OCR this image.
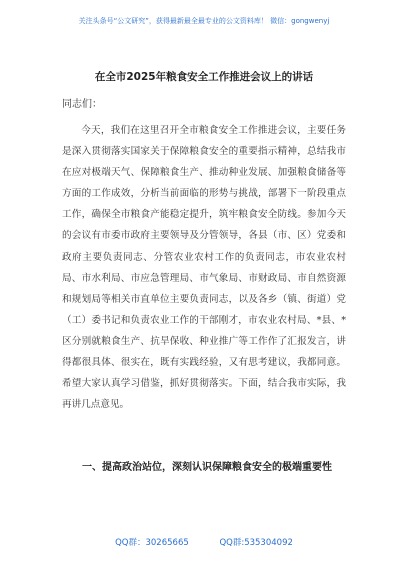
关注头条号“公文研究”，获得最新最全最专业的公文资料库！ 微信：gongwenyj
在全市2025年粮食安全工作推进会议上的讲话
同志们：

今天，我们在这里召开全市粮食安全工作推进会议，主要任务是深入贯彻落实国家关于保障粮食安全的重要指示精神，总结我市在应对极端天气、保障粮食生产、推动种业发展、加强粮食储备等方面的工作成效，分析当前面临的形势与挑战，部署下一阶段重点工作，确保全市粮食产能稳定提升，筑牢粮食安全防线。参加今天的会议有市委市政府主要领导及分管领导，各县（市、区）党委和政府主要负责同志、分管农业农村工作的负责同志，市农业农村局、市水利局、市应急管理局、市气象局、市财政局、市自然资源和规划局等相关市直单位主要负责同志，以及各乡（镇、街道）党（工）委书记和负责农业工作的干部刚才，市农业农村局、*县、*区分别就粮食生产、抗旱保收、种业推广等工作作了汇报发言，讲得都很具体、很实在，既有实践经验，又有思考建议，我都同意。希望大家认真学习借鉴，抓好贯彻落实。下面，结合我市实际，我再讲几点意见。

一、提高政治站位，深刻认识保障粮食安全的极端重要性

QQ群：30265665	QQ群:535304092
